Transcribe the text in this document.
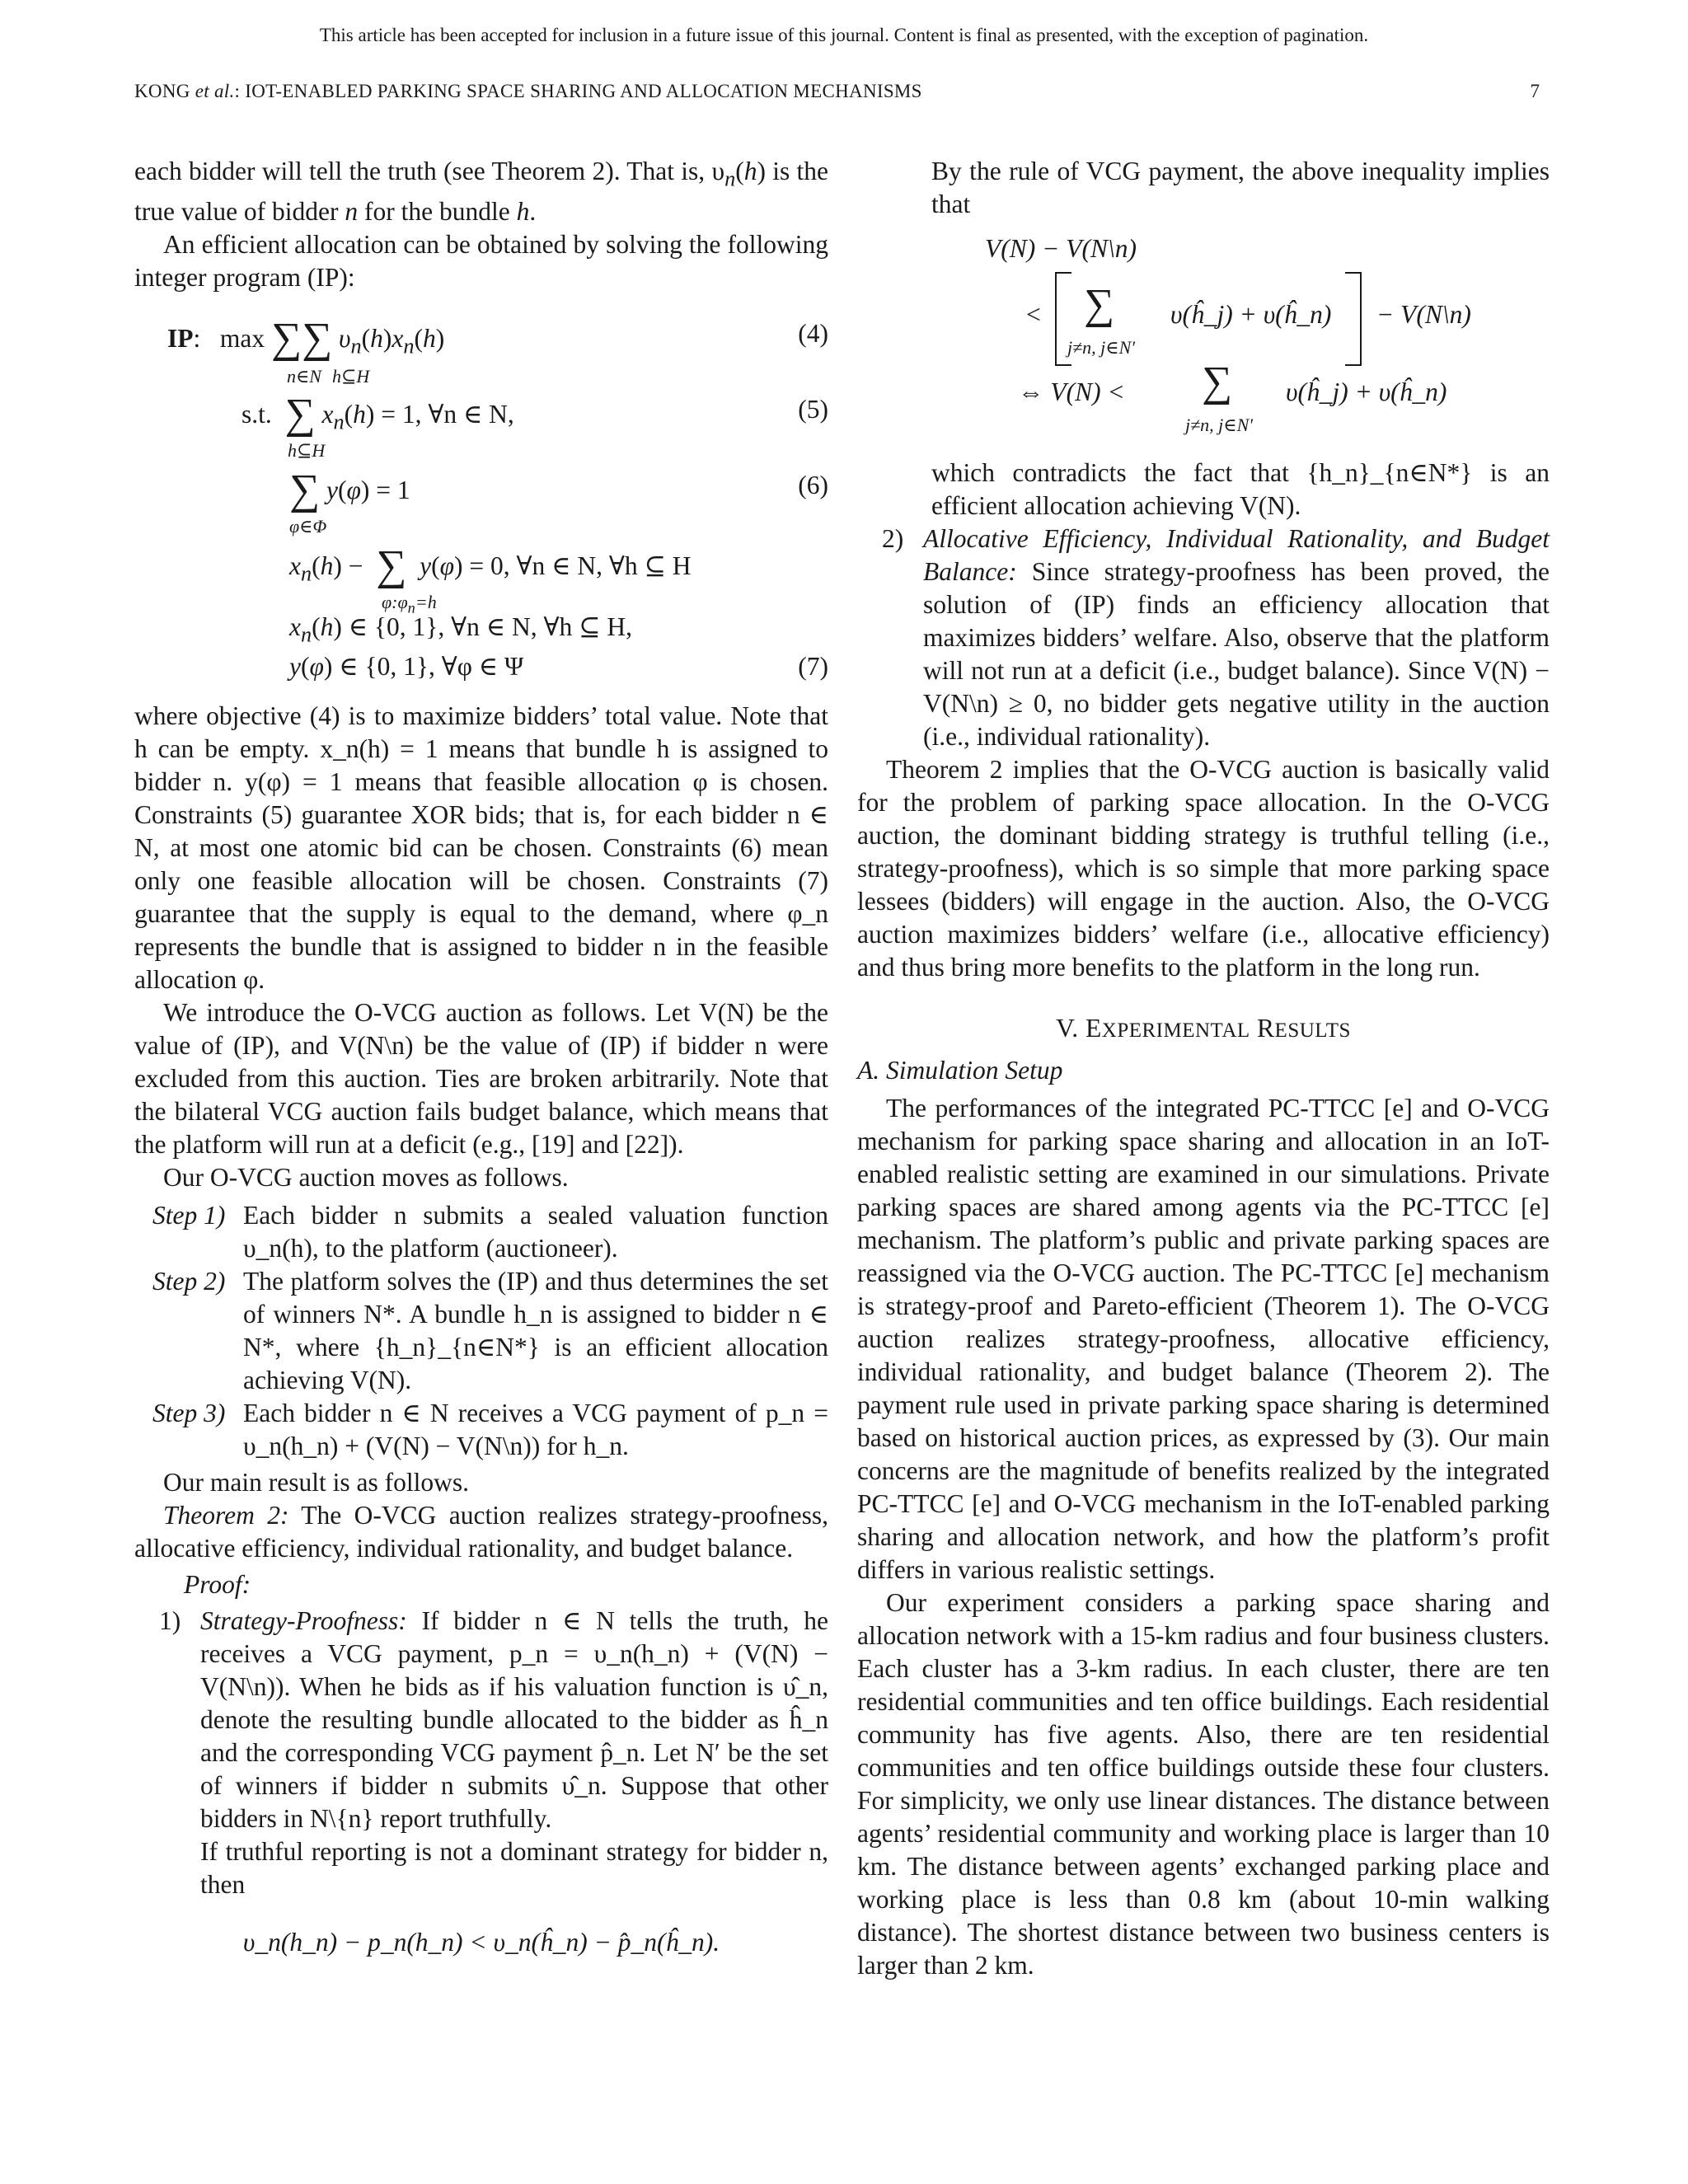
This article has been accepted for inclusion in a future issue of this journal. Content is final as presented, with the exception of pagination.
KONG et al.: IOT-ENABLED PARKING SPACE SHARING AND ALLOCATION MECHANISMS	7

each bidder will tell the truth (see Theorem 2). That is, $\upsilon_n(h)$ is the true value of bidder n for the bundle h.

An efficient allocation can be obtained by solving the following integer program (IP):

IP:   max ∑∑ $\upsilon_n(h)x_n(h)$
n∈N h⊆H
(4)
s.t. ∑ $x_n(h) = 1$, ∀n ∈ N,
h⊆H
(5)
∑ y(φ) = 1
φ∈Φ
(6)
$x_n(h)$ −  ∑ y(φ) = 0, ∀n ∈ N, ∀h ⊆ H
$\varphi:\varphi_n=h$
$x_n(h)$ ∈ {0, 1}, ∀n ∈ N, ∀h ⊆ H,
y(φ) ∈ {0, 1}, ∀φ ∈ Ψ	(7)

where objective (4) is to maximize bidders’ total value. Note that h can be empty. x_n(h) = 1 means that bundle h is assigned to bidder n. y(φ) = 1 means that feasible allocation φ is chosen. Constraints (5) guarantee XOR bids; that is, for each bidder n ∈ N, at most one atomic bid can be chosen. Constraints (6) mean only one feasible allocation will be chosen. Constraints (7) guarantee that the supply is equal to the demand, where φ_n represents the bundle that is assigned to bidder n in the feasible allocation φ.

We introduce the O-VCG auction as follows. Let V(N) be the value of (IP), and V(N\n) be the value of (IP) if bidder n were excluded from this auction. Ties are broken arbitrarily. Note that the bilateral VCG auction fails budget balance, which means that the platform will run at a deficit (e.g., [19] and [22]).

Our O-VCG auction moves as follows.

Step 1) Each bidder n submits a sealed valuation function υ_n(h), to the platform (auctioneer).
Step 2) The platform solves the (IP) and thus determines the set of winners N*. A bundle h_n is assigned to bidder n ∈ N*, where {h_n}_{n∈N*} is an efficient allocation achieving V(N).
Step 3) Each bidder n ∈ N receives a VCG payment of p_n = υ_n(h_n) + (V(N) − V(N\n)) for h_n.

Our main result is as follows.

Theorem 2: The O-VCG auction realizes strategy-proofness, allocative efficiency, individual rationality, and budget balance.

Proof:

1) Strategy-Proofness: If bidder n ∈ N tells the truth, he receives a VCG payment, p_n = υ_n(h_n) + (V(N) − V(N\n)). When he bids as if his valuation function is υ̂_n, denote the resulting bundle allocated to the bidder as ĥ_n and the corresponding VCG payment p̂_n. Let N′ be the set of winners if bidder n submits υ̂_n. Suppose that other bidders in N\{n} report truthfully.
If truthful reporting is not a dominant strategy for bidder n, then

υ_n(h_n) − p_n(h_n) < υ_n(ĥ_n) − p̂_n(ĥ_n).

By the rule of VCG payment, the above inequality implies that

V(N) − V(N\n)
< ∑
j≠n, j∈N′
υ(ĥ_j) + υ(ĥ_n) − V(N\n)
⇔ V(N) < ∑
j≠n, j∈N′
υ(ĥ_j) + υ(ĥ_n)

which contradicts the fact that {h_n}_{n∈N*} is an efficient allocation achieving V(N).

2) Allocative Efficiency, Individual Rationality, and Budget Balance: Since strategy-proofness has been proved, the solution of (IP) finds an efficiency allocation that maximizes bidders’ welfare. Also, observe that the platform will not run at a deficit (i.e., budget balance). Since V(N) − V(N\n) ≥ 0, no bidder gets negative utility in the auction (i.e., individual rationality).

Theorem 2 implies that the O-VCG auction is basically valid for the problem of parking space allocation. In the O-VCG auction, the dominant bidding strategy is truthful telling (i.e., strategy-proofness), which is so simple that more parking space lessees (bidders) will engage in the auction. Also, the O-VCG auction maximizes bidders’ welfare (i.e., allocative efficiency) and thus bring more benefits to the platform in the long run.

V. EXPERIMENTAL RESULTS
A. Simulation Setup

The performances of the integrated PC-TTCC [e] and O-VCG mechanism for parking space sharing and allocation in an IoT-enabled realistic setting are examined in our simulations. Private parking spaces are shared among agents via the PC-TTCC [e] mechanism. The platform’s public and private parking spaces are reassigned via the O-VCG auction. The PC-TTCC [e] mechanism is strategy-proof and Pareto-efficient (Theorem 1). The O-VCG auction realizes strategy-proofness, allocative efficiency, individual rationality, and budget balance (Theorem 2). The payment rule used in private parking space sharing is determined based on historical auction prices, as expressed by (3). Our main concerns are the magnitude of benefits realized by the integrated PC-TTCC [e] and O-VCG mechanism in the IoT-enabled parking sharing and allocation network, and how the platform’s profit differs in various realistic settings.

Our experiment considers a parking space sharing and allocation network with a 15-km radius and four business clusters. Each cluster has a 3-km radius. In each cluster, there are ten residential communities and ten office buildings. Each residential community has five agents. Also, there are ten residential communities and ten office buildings outside these four clusters. For simplicity, we only use linear distances. The distance between agents’ residential community and working place is larger than 10 km. The distance between agents’ exchanged parking place and working place is less than 0.8 km (about 10-min walking distance). The shortest distance between two business centers is larger than 2 km.
